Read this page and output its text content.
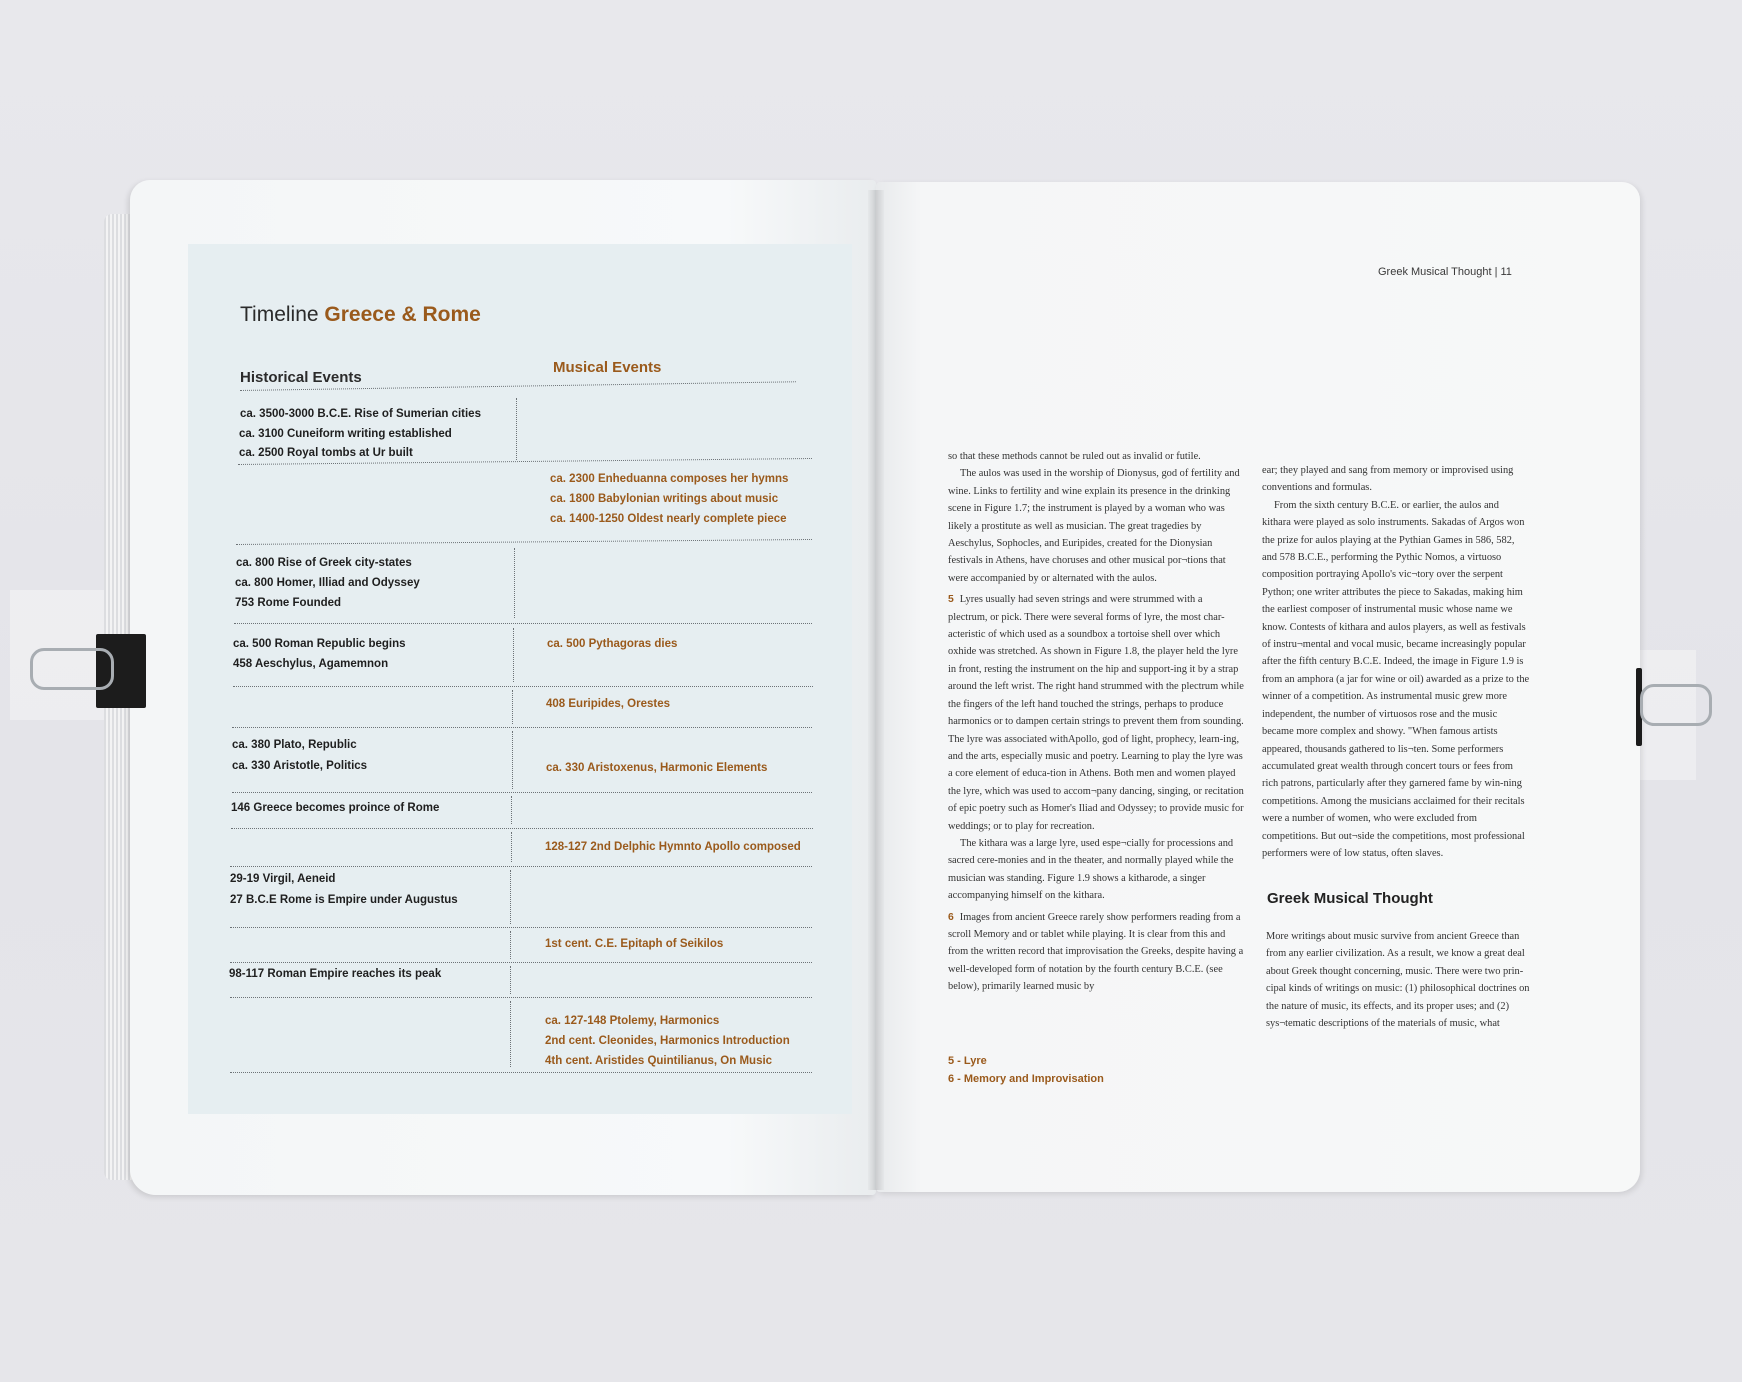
Timeline Greece & Rome
Historical Events
Musical Events
ca. 3500-3000 B.C.E. Rise of Sumerian cities
ca. 3100 Cuneiform writing established
ca. 2500 Royal tombs at Ur built
ca. 800 Rise of Greek city-states
ca. 800 Homer, Illiad and Odyssey
753 Rome Founded
ca. 500 Roman Republic begins
458 Aeschylus, Agamemnon
ca. 380 Plato, Republic
ca. 330 Aristotle, Politics
146 Greece becomes proince of Rome
29-19 Virgil, Aeneid
27 B.C.E Rome is Empire under Augustus
98-117 Roman Empire reaches its peak
ca. 2300 Enheduanna composes her hymns
ca. 1800 Babylonian writings about music
ca. 1400-1250 Oldest nearly complete piece
ca. 500 Pythagoras dies
408 Euripides, Orestes
ca. 330 Aristoxenus, Harmonic Elements
128-127 2nd Delphic Hymnto Apollo composed
1st cent. C.E. Epitaph of Seikilos
ca. 127-148 Ptolemy, Harmonics
2nd cent. Cleonides, Harmonics Introduction
4th cent. Aristides Quintilianus, On Music
Greek Musical Thought | 11

so that these methods cannot be ruled out as invalid or futile.

The aulos was used in the worship of Dionysus, god of fertility and wine. Links to fertility and wine explain its presence in the drinking scene in Figure 1.7; the instrument is played by a woman who was likely a prostitute as well as musician. The great tragedies by Aeschylus, Sophocles, and Euripides, created for the Dionysian festivals in Athens, have choruses and other musical por¬tions that were accompanied by or alternated with the aulos.

5 Lyres usually had seven strings and were strummed with a plectrum, or pick. There were several forms of lyre, the most char-acteristic of which used as a soundbox a tortoise shell over which oxhide was stretched. As shown in Figure 1.8, the player held the lyre in front, resting the instrument on the hip and support-ing it by a strap around the left wrist. The right hand strummed with the plectrum while the fingers of the left hand touched the strings, perhaps to produce harmonics or to dampen certain strings to prevent them from sounding.

The lyre was associated withApollo, god of light, prophecy, learn-ing, and the arts, especially music and poetry. Learning to play the lyre was a core element of educa-tion in Athens. Both men and women played the lyre, which was used to accom¬pany dancing, singing, or recitation of epic poetry such as Homer's Iliad and Odyssey; to provide music for weddings; or to play for recreation.

The kithara was a large lyre, used espe¬cially for processions and sacred cere-monies and in the theater, and normally played while the musician was standing. Figure 1.9 shows a kitharode, a singer accompanying himself on the kithara.

6 Images from ancient Greece rarely show performers reading from a scroll Memory and or tablet while playing. It is clear from this and from the written record that improvisation the Greeks, despite having a well-developed form of notation by the fourth century B.C.E. (see below), primarily learned music by

ear; they played and sang from memory or improvised using conventions and formulas.

From the sixth century B.C.E. or earlier, the aulos and kithara were played as solo instruments. Sakadas of Argos won the prize for aulos playing at the Pythian Games in 586, 582, and 578 B.C.E., performing the Pythic Nomos, a virtuoso composition portraying Apollo's vic¬tory over the serpent Python; one writer attributes the piece to Sakadas, making him the earliest composer of instrumental music whose name we know. Contests of kithara and aulos players, as well as festivals of instru¬mental and vocal music, became increasingly popular after the fifth century B.C.E. Indeed, the image in Figure 1.9 is from an amphora (a jar for wine or oil) awarded as a prize to the winner of a competition. As instrumental music grew more independent, the number of virtuosos rose and the music became more complex and showy. "When famous artists appeared, thousands gathered to lis¬ten. Some performers accumulated great wealth through concert tours or fees from rich patrons, particularly after they garnered fame by win-ning competitions. Among the musicians acclaimed for their recitals were a number of women, who were excluded from competitions. But out¬side the competitions, most professional performers were of low status, often slaves.

Greek Musical Thought

More writings about music survive from ancient Greece than from any earlier civilization. As a result, we know a great deal about Greek thought concerning, music. There were two prin-cipal kinds of writings on music: (1) philosophical doctrines on the nature of music, its effects, and its proper uses; and (2) sys¬tematic descriptions of the materials of music, what

5 - Lyre
6 - Memory and Improvisation
